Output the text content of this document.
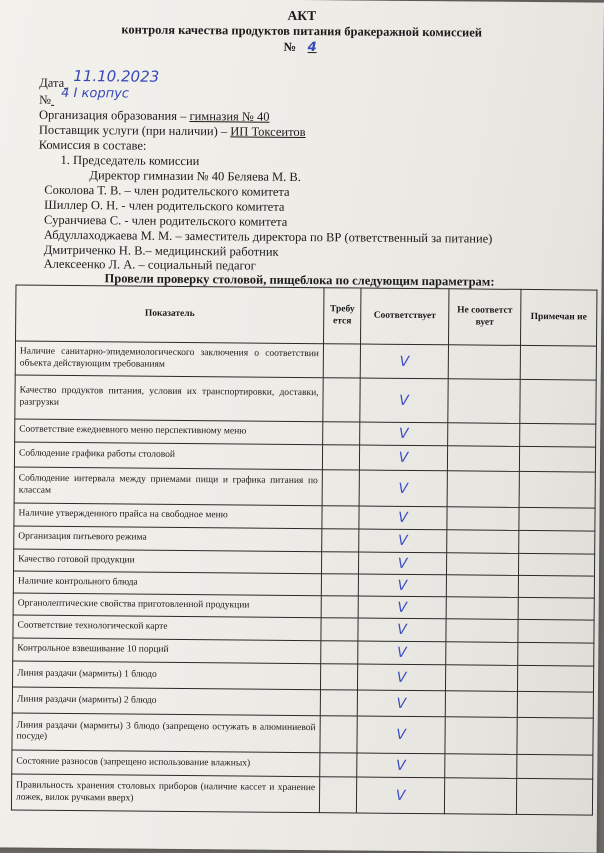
АКТ
контроля качества продуктов питания бракеражной комиссией
№ 4
Дата 11.10.2023
№ 4 I корпус
Организация образования – гимназия № 40
Поставщик услуги (при наличии) – ИП Токсеитов
Комиссия в составе:
1. Председатель комиссии
Директор гимназии № 40 Беляева М. В.
Соколова Т. В. – член родительского комитета
Шиллер О. Н. - член родительского комитета
Суранчиева С. - член родительского комитета
Абдуллаходжаева М. М. – заместитель директора по ВР (ответственный за питание)
Дмитриченко Н. В.– медицинский работник
Алексеенко Л. А. – социальный педагог
Провели проверку столовой, пищеблока по следующим параметрам:
Показатель	Требу ется	Соответствует	Не соответст вует	Примечан ие
Наличие санитарно-эпидемиологического заключения о соответствии объекта действующим требованиям		V		
Качество продуктов питания, условия их транспортировки, доставки, разгрузки		V		
Соответствие ежедневного меню перспективному меню		V		
Соблюдение графика работы столовой		V		
Соблюдение интервала между приемами пищи и графика питания по классам		V		
Наличие утвержденного прайса на свободное меню		V		
Организация питьевого режима		V		
Качество готовой продукции		V		
Наличие контрольного блюда		V		
Органолептические свойства приготовленной продукции		V		
Соответствие технологической карте		V		
Контрольное взвешивание 10 порций		V		
Линия раздачи (мармиты) 1 блюдо		V		
Линия раздачи (мармиты) 2 блюдо		V		
Линия раздачи (мармиты) 3 блюдо (запрещено остужать в алюминиевой посуде)		V		
Состояние разносов (запрещено использование влажных)		V		
Правильность хранения столовых приборов (наличие кассет и хранение ложек, вилок ручками вверх)		V		
